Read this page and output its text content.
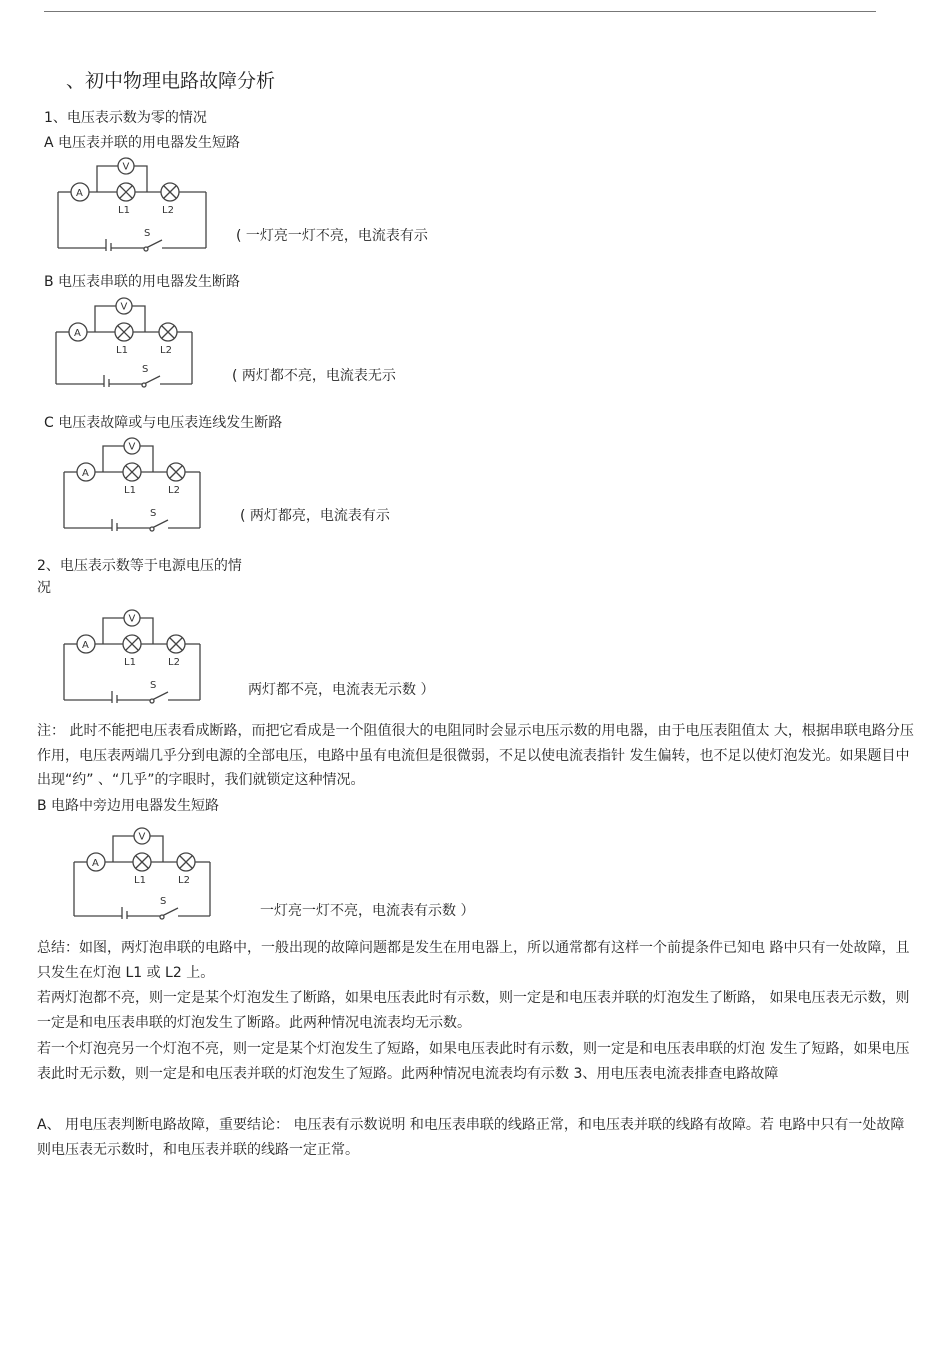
、初中物理电路故障分析
1、电压表示数为零的情况
A 电压表并联的用电器发生短路
S
A
L1	L2
V
( 一灯亮一灯不亮，电流表有示
B 电压表串联的用电器发生断路
S
A
L1	L2
V
( 两灯都不亮，电流表无示
C 电压表故障或与电压表连线发生断路
S
A
L1	L2
V
( 两灯都亮，电流表有示
2、电压表示数等于电源电压的情
况
S
A
L1	L2
V
两灯都不亮，电流表无示数 ）
注： 此时不能把电压表看成断路，而把它看成是一个阻值很大的电阻同时会显示电压示数的用电器，由于电压表阻值太 大，根据串联电路分压作用，电压表两端几乎分到电源的全部电压，电路中虽有电流但是很微弱，不足以使电流表指针 发生偏转，也不足以使灯泡发光。如果题目中出现“约” 、“几乎”的字眼时，我们就锁定这种情况。
B 电路中旁边用电器发生短路
S
A
L1	L2
V
一灯亮一灯不亮，电流表有示数 ）
总结：如图，两灯泡串联的电路中，一般出现的故障问题都是发生在用电器上，所以通常都有这样一个前提条件已知电 路中只有一处故障，且只发生在灯泡 L1 或 L2 上。
若两灯泡都不亮，则一定是某个灯泡发生了断路，如果电压表此时有示数，则一定是和电压表并联的灯泡发生了断路， 如果电压表无示数，则一定是和电压表串联的灯泡发生了断路。此两种情况电流表均无示数。
若一个灯泡亮另一个灯泡不亮，则一定是某个灯泡发生了短路，如果电压表此时有示数，则一定是和电压表串联的灯泡 发生了短路，如果电压表此时无示数，则一定是和电压表并联的灯泡发生了短路。此两种情况电流表均有示数 3、用电压表电流表排查电路故障
A、 用电压表判断电路故障，重要结论： 电压表有示数说明 和电压表串联的线路正常，和电压表并联的线路有故障。若 电路中只有一处故障则电压表无示数时，和电压表并联的线路一定正常。
